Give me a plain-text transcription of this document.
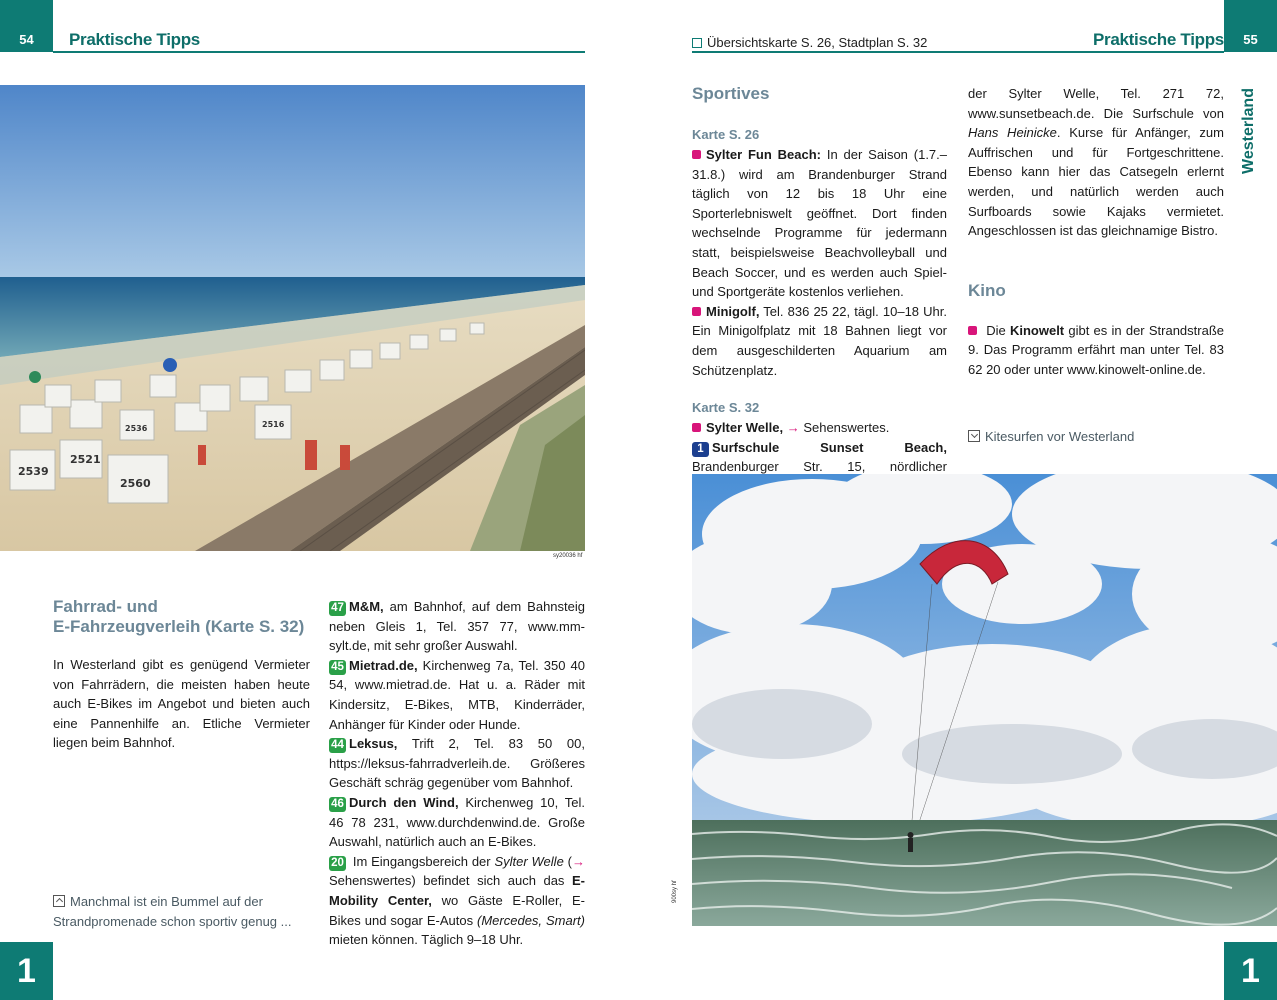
54 Praktische Tipps
2539
2560
2521
2536	2516
sy20036 hf
Fahrrad- und
E-Fahrzeugverleih (Karte S. 32)

In Westerland gibt es genügend Vermieter von Fahrrädern, die meisten haben heute auch E-Bikes im Angebot und bieten auch eine Pannenhilfe an. Etliche Vermieter liegen beim Bahnhof.

Manchmal ist ein Bummel auf der
Strandpromenade schon sportiv genug ...

47 M&M, am Bahnhof, auf dem Bahnsteig neben Gleis 1, Tel. 357 77, www.mm-sylt.de, mit sehr großer Auswahl.

45 Mietrad.de, Kirchenweg 7a, Tel. 350 40 54, www.mietrad.de. Hat u. a. Räder mit Kindersitz, E-Bikes, MTB, Kinderräder, Anhänger für Kinder oder Hunde.

44 Leksus, Trift 2, Tel. 83 50 00, https://leksus-fahrradverleih.de. Größeres Geschäft schräg gegenüber vom Bahnhof.

46 Durch den Wind, Kirchenweg 10, Tel. 46 78 231, www.durchdenwind.de. Große Auswahl, natürlich auch an E-Bikes.

20 Im Eingangsbereich der Sylter Welle (→ Sehenswertes) befindet sich auch das E-Mobility Center, wo Gäste E-Roller, E-Bikes und sogar E-Autos (Mercedes, Smart) mieten können. Täglich 9–18 Uhr.

1
Übersichtskarte S. 26, Stadtplan S. 32	Praktische Tipps 55
Westerland
Sportives
Karte S. 26

Sylter Fun Beach: In der Saison (1.7.–31.8.) wird am Brandenburger Strand täglich von 12 bis 18 Uhr eine Sporterlebniswelt geöffnet. Dort finden wechselnde Programme für jedermann statt, beispielsweise Beachvolleyball und Beach Soccer, und es werden auch Spiel- und Sportgeräte kostenlos verliehen.

Minigolf, Tel. 836 25 22, tägl. 10–18 Uhr. Ein Minigolfplatz mit 18 Bahnen liegt vor dem ausgeschilderten Aquarium am Schützenplatz.

Karte S. 32

Sylter Welle, → Sehenswertes.

1 Surfschule Sunset Beach, Brandenburger Str. 15, nördlicher

der Sylter Welle, Tel. 271 72, www.sunsetbeach.de. Die Surfschule von Hans Heinicke. Kurse für Anfänger, zum Auffrischen und für Fortgeschrittene. Ebenso kann hier das Catsegeln erlernt werden, und natürlich werden auch Surfboards sowie Kajaks vermietet. Angeschlossen ist das gleichnamige Bistro.

Kino

Die Kinowelt gibt es in der Strandstraße 9. Das Programm erfährt man unter Tel. 83 62 20 oder unter www.kinowelt-online.de.

Kitesurfen vor Westerland
900sy hf
1
